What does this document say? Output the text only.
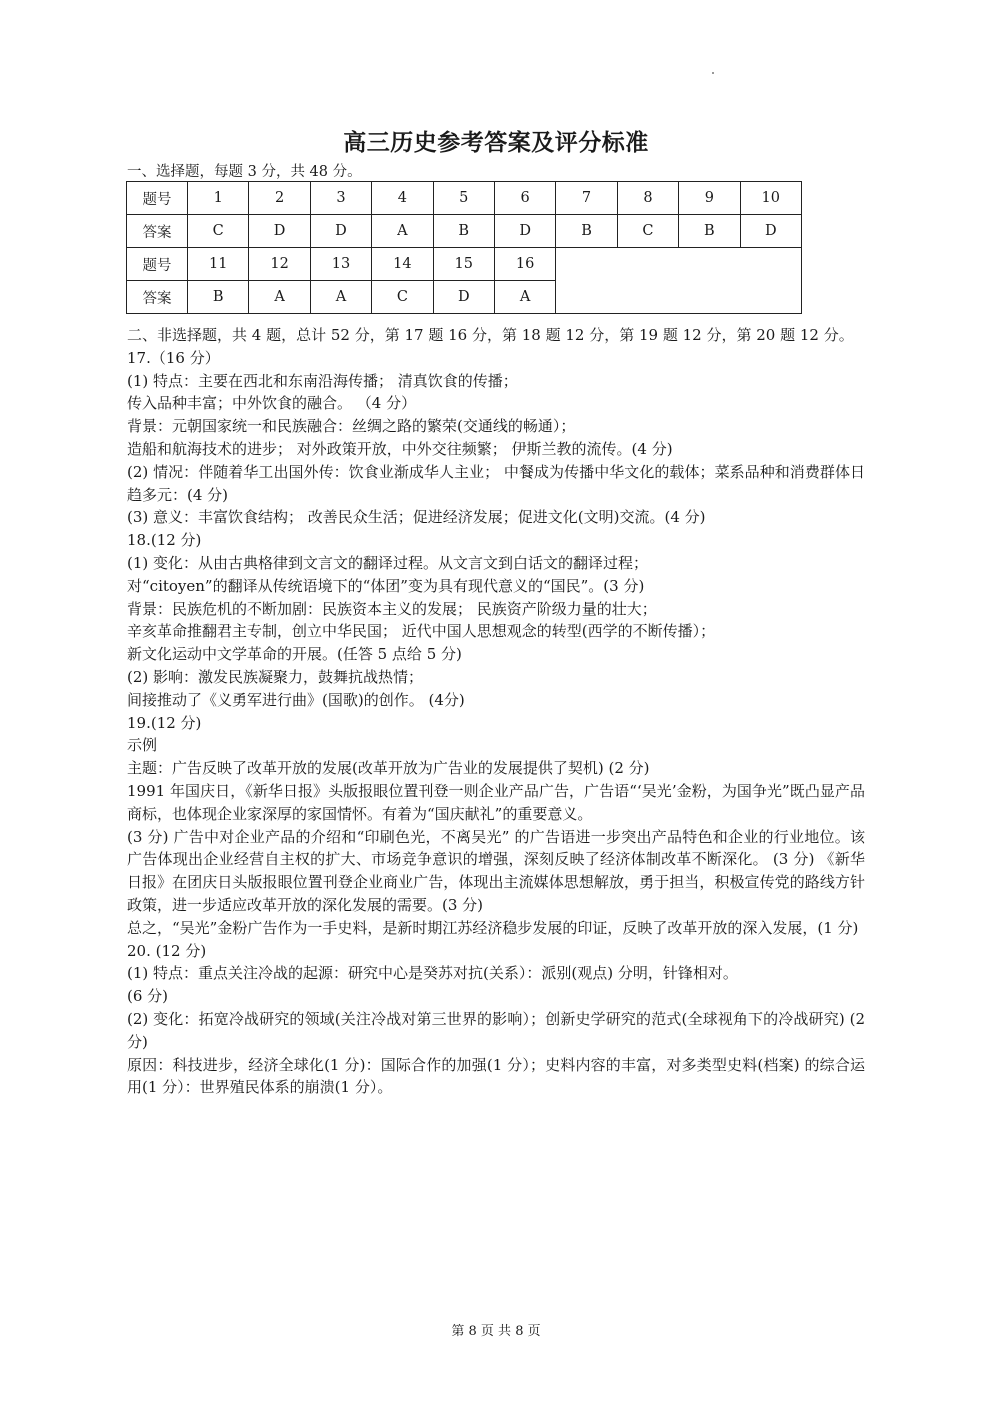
高三历史参考答案及评分标准
一、选择题，每题 3 分，共 48 分。
题号	1	2	3	4	5	6	7	8	9	10
答案	C	D	D	A	B	D	B	C	B	D
题号	11	12	13	14	15	16				
答案	B	A	A	C	D	A				

二、非选择题，共 4 题，总计 52 分，第 17 题 16 分，第 18 题 12 分，第 19 题 12 分，第 20 题 12 分。

17.（16 分）

(1) 特点：主要在西北和东南沿海传播； 清真饮食的传播；

传入品种丰富；中外饮食的融合。 （4 分）

背景：元朝国家统一和民族融合：丝绸之路的繁荣(交通线的畅通）；

造船和航海技术的进步； 对外政策开放，中外交往频繁； 伊斯兰教的流传。(4 分)

(2) 情况：伴随着华工出国外传：饮食业渐成华人主业； 中餐成为传播中华文化的载体；菜系品种和消费群体日趋多元：(4 分)

(3) 意义：丰富饮食结构； 改善民众生活；促进经济发展；促进文化(文明)交流。(4 分)

18.(12 分)

(1) 变化：从由古典格律到文言文的翻译过程。从文言文到白话文的翻译过程；

对“citoyen”的翻译从传统语境下的“体团”变为具有现代意义的“国民”。(3 分)

背景：民族危机的不断加剧：民族资本主义的发展； 民族资产阶级力量的壮大；

辛亥革命推翻君主专制，创立中华民国； 近代中国人思想观念的转型(西学的不断传播）；

新文化运动中文学革命的开展。(任答 5 点给 5 分)

(2) 影响：激发民族凝聚力，鼓舞抗战热情；

间接推动了《义勇军进行曲》(国歌)的创作。 (4分)

19.(12 分)

示例

主题：广告反映了改革开放的发展(改革开放为广告业的发展提供了契机) (2 分)

1991 年国庆日，《新华日报》头版报眼位置刊登一则企业产品广告，广告语“‘吴光’金粉，为国争光”既凸显产品商标，也体现企业家深厚的家国情怀。有着为“国庆献礼”的重要意义。

(3 分) 广告中对企业产品的介绍和“印刷色光，不离吴光” 的广告语进一步突出产品特色和企业的行业地位。该广告体现出企业经营自主权的扩大、市场竞争意识的增强，深刻反映了经济体制改革不断深化。 (3 分) 《新华日报》在团庆日头版报眼位置刊登企业商业广告，体现出主流媒体思想解放，勇于担当，积极宣传党的路线方针政策，进一步适应改革开放的深化发展的需要。(3 分)

总之，“吴光”金粉广告作为一手史料，是新时期江苏经济稳步发展的印证，反映了改革开放的深入发展，(1 分)

20. (12 分)

(1) 特点：重点关注冷战的起源：研究中心是癸苏对抗(关系）：派别(观点) 分明，针锋相对。

(6 分)

(2) 变化：拓宽冷战研究的领域(关注冷战对第三世界的影响）；创新史学研究的范式(全球视角下的冷战研究) (2 分)

原因：科技进步，经济全球化(1 分)：国际合作的加强(1 分）；史料内容的丰富，对多类型史料(档案) 的综合运用(1 分）：世界殖民体系的崩溃(1 分）。

第 8 页 共 8 页
